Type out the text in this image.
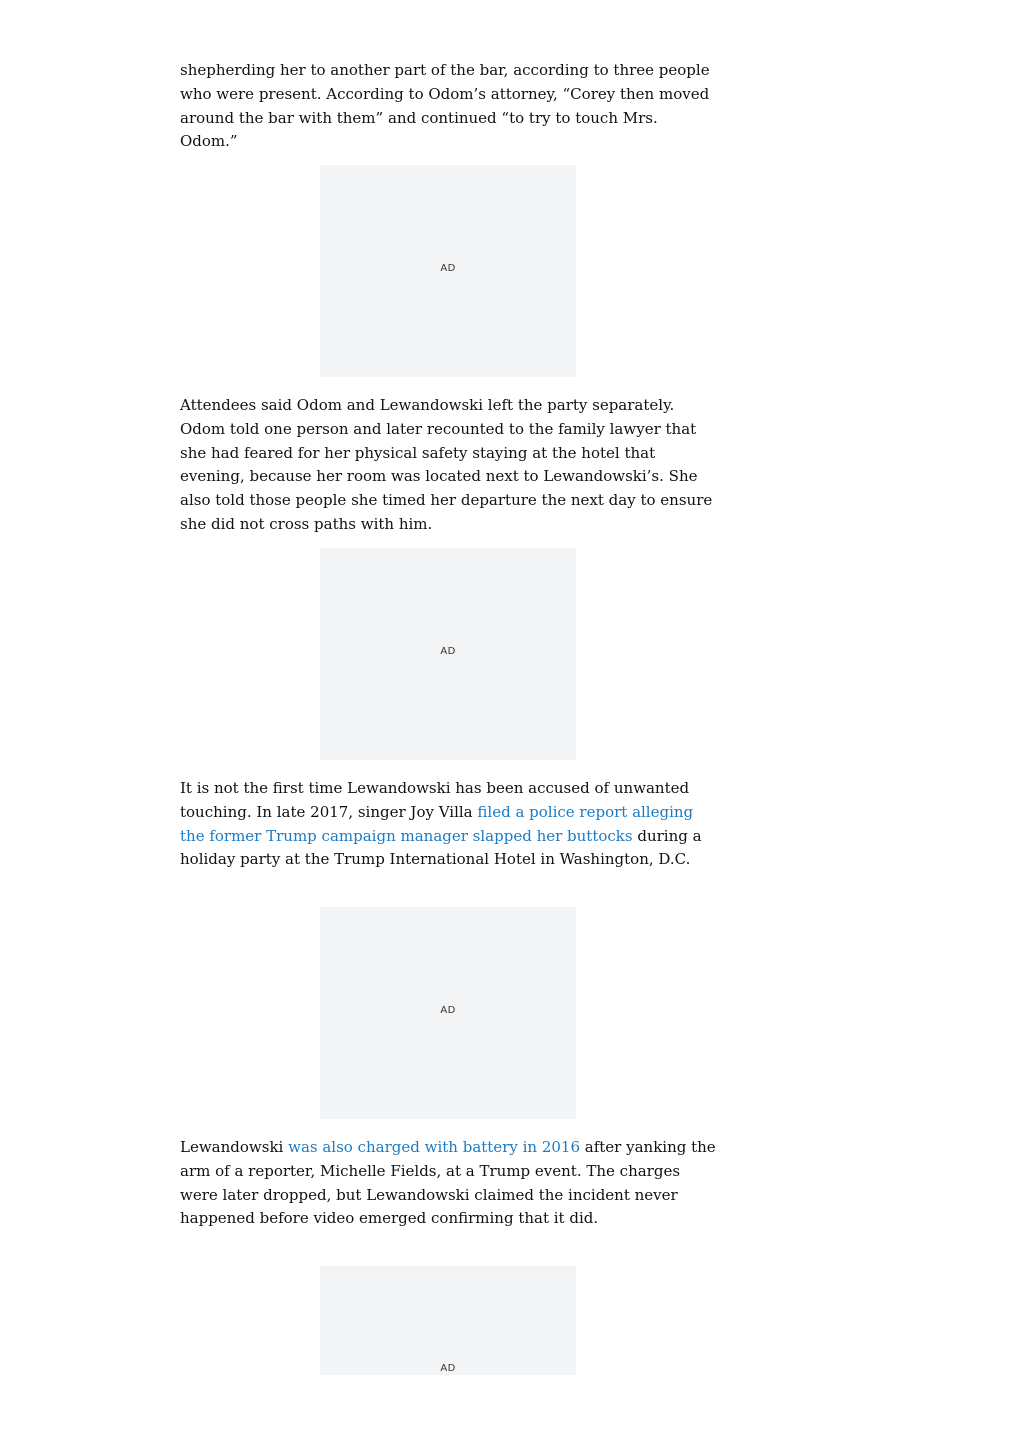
shepherding her to another part of the bar, according to three people who were present. According to Odom’s attorney, “Corey then moved around the bar with them” and continued “to try to touch Mrs. Odom.”

AD

Attendees said Odom and Lewandowski left the party separately. Odom told one person and later recounted to the family lawyer that she had feared for her physical safety staying at the hotel that evening, because her room was located next to Lewandowski’s. She also told those people she timed her departure the next day to ensure she did not cross paths with him.

AD

It is not the first time Lewandowski has been accused of unwanted touching. In late 2017, singer Joy Villa filed a police report alleging the former Trump campaign manager slapped her buttocks during a holiday party at the Trump International Hotel in Washington, D.C.

AD

Lewandowski was also charged with battery in 2016 after yanking the arm of a reporter, Michelle Fields, at a Trump event. The charges were later dropped, but Lewandowski claimed the incident never happened before video emerged confirming that it did.

AD
